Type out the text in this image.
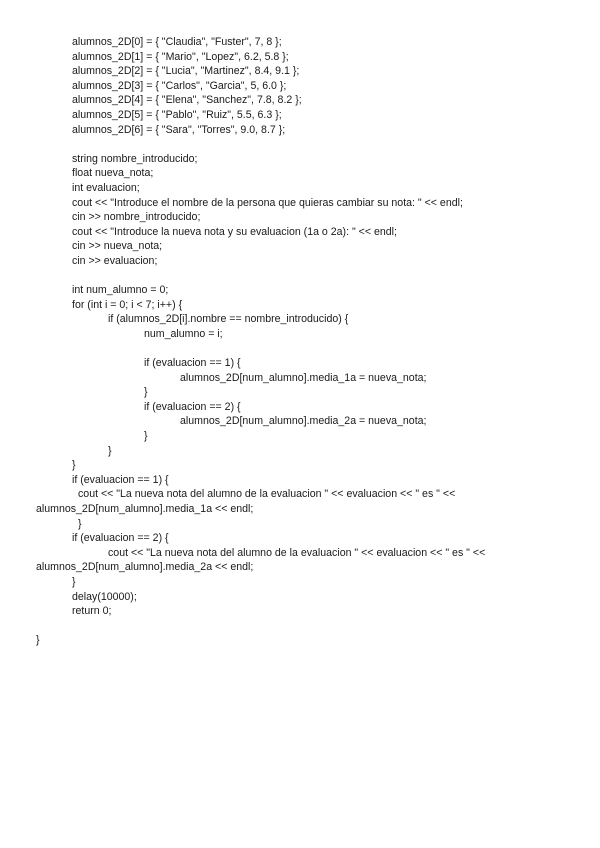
alumnos_2D[0] = { "Claudia", "Fuster", 7, 8 };
alumnos_2D[1] = { "Mario", "Lopez", 6.2, 5.8 };
alumnos_2D[2] = { "Lucia", "Martinez", 8.4, 9.1 };
alumnos_2D[3] = { "Carlos", "Garcia", 5, 6.0 };
alumnos_2D[4] = { "Elena", "Sanchez", 7.8, 8.2 };
alumnos_2D[5] = { "Pablo", "Ruiz", 5.5, 6.3 };
alumnos_2D[6] = { "Sara", "Torres", 9.0, 8.7 };
string nombre_introducido;
float nueva_nota;
int evaluacion;
cout << "Introduce el nombre de la persona que quieras cambiar su nota: " << endl;
cin >> nombre_introducido;
cout << "Introduce la nueva nota y su evaluacion (1a o 2a): " << endl;
cin >> nueva_nota;
cin >> evaluacion;
int num_alumno = 0;
for (int i = 0; i < 7; i++) {
if (alumnos_2D[i].nombre == nombre_introducido) {
num_alumno = i;
if (evaluacion == 1) {
alumnos_2D[num_alumno].media_1a = nueva_nota;
}
if (evaluacion == 2) {
alumnos_2D[num_alumno].media_2a = nueva_nota;
}
}
}
if (evaluacion == 1) {
cout << "La nueva nota del alumno de la evaluacion " << evaluacion << " es " <<
alumnos_2D[num_alumno].media_1a << endl;
}
if (evaluacion == 2) {
cout << "La nueva nota del alumno de la evaluacion " << evaluacion << " es " <<
alumnos_2D[num_alumno].media_2a << endl;
}
delay(10000);
return 0;
}
